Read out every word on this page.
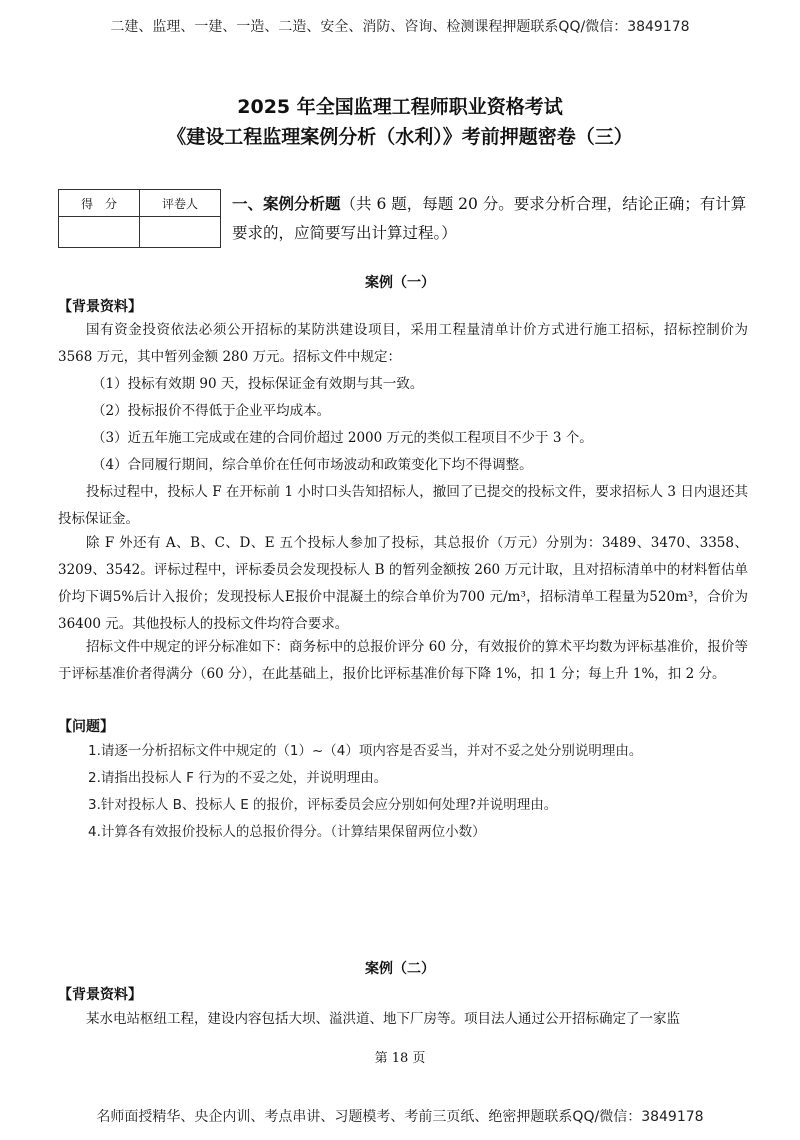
二建、监理、一建、一造、二造、安全、消防、咨询、检测课程押题联系QQ/微信：3849178
2025 年全国监理工程师职业资格考试
《建设工程监理案例分析（水利）》考前押题密卷（三）
得　分	评卷人
	一、案例分析题（共 6 题，每题 20 分。要求分析合理，结论正确；有计算要求的，应简要写出计算过程。）
案例（一）
【背景资料】
国有资金投资依法必须公开招标的某防洪建设项目，采用工程量清单计价方式进行施工招标，招标控制价为 3568 万元，其中暂列金额 280 万元。招标文件中规定：
（1）投标有效期 90 天，投标保证金有效期与其一致。
（2）投标报价不得低于企业平均成本。
（3）近五年施工完成或在建的合同价超过 2000 万元的类似工程项目不少于 3 个。
（4）合同履行期间，综合单价在任何市场波动和政策变化下均不得调整。
投标过程中，投标人 F 在开标前 1 小时口头告知招标人，撤回了已提交的投标文件，要求招标人 3 日内退还其投标保证金。
除 F 外还有 A、B、C、D、E 五个投标人参加了投标，其总报价（万元）分别为：3489、3470、3358、3209、3542。评标过程中，评标委员会发现投标人 B 的暂列金额按 260 万元计取，且对招标清单中的材料暂估单价均下调5%后计入报价；发现投标人E报价中混凝土的综合单价为700 元/m³，招标清单工程量为520m³，合价为 36400 元。其他投标人的投标文件均符合要求。
招标文件中规定的评分标准如下：商务标中的总报价评分 60 分，有效报价的算术平均数为评标基准价，报价等于评标基准价者得满分（60 分），在此基础上，报价比评标基准价每下降 1%，扣 1 分；每上升 1%，扣 2 分。
【问题】
1.请逐一分析招标文件中规定的（1）~（4）项内容是否妥当，并对不妥之处分别说明理由。
2.请指出投标人 F 行为的不妥之处，并说明理由。
3.针对投标人 B、投标人 E 的报价，评标委员会应分别如何处理?并说明理由。
4.计算各有效报价投标人的总报价得分。（计算结果保留两位小数）
案例（二）
【背景资料】
某水电站枢纽工程，建设内容包括大坝、溢洪道、地下厂房等。项目法人通过公开招标确定了一家监
第 18 页
名师面授精华、央企内训、考点串讲、习题模考、考前三页纸、绝密押题联系QQ/微信：3849178
